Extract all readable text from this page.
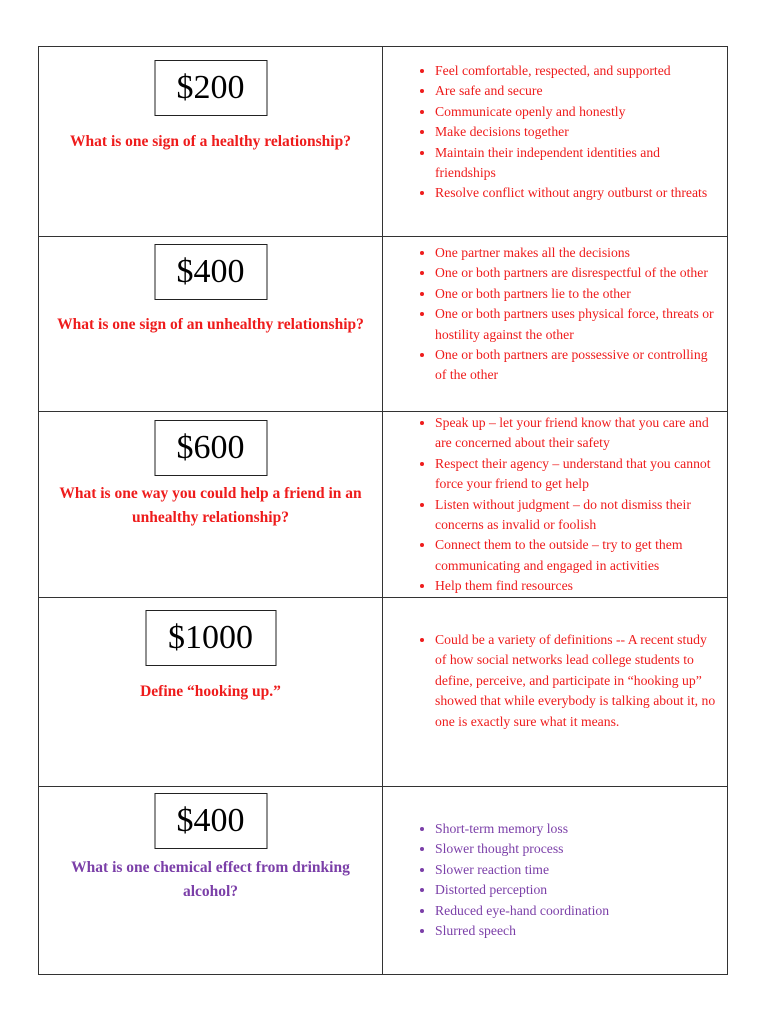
$200
What is one sign of a healthy relationship?
• Feel comfortable, respected, and supported
• Are safe and secure
• Communicate openly and honestly
• Make decisions together
• Maintain their independent identities and friendships
• Resolve conflict without angry outburst or threats
$400
What is one sign of an unhealthy relationship?
• One partner makes all the decisions
• One or both partners are disrespectful of the other
• One or both partners lie to the other
• One or both partners uses physical force, threats or hostility against the other
• One or both partners are possessive or controlling of the other
$600
What is one way you could help a friend in an unhealthy relationship?
• Speak up – let your friend know that you care and are concerned about their safety
• Respect their agency – understand that you cannot force your friend to get help
• Listen without judgment – do not dismiss their concerns as invalid or foolish
• Connect them to the outside – try to get them communicating and engaged in activities
• Help them find resources
$1000
Define “hooking up.”
• Could be a variety of definitions -- A recent study of how social networks lead college students to define, perceive, and participate in “hooking up” showed that while everybody is talking about it, no one is exactly sure what it means.
$400
What is one chemical effect from drinking alcohol?
• Short-term memory loss
• Slower thought process
• Slower reaction time
• Distorted perception
• Reduced eye-hand coordination
• Slurred speech
